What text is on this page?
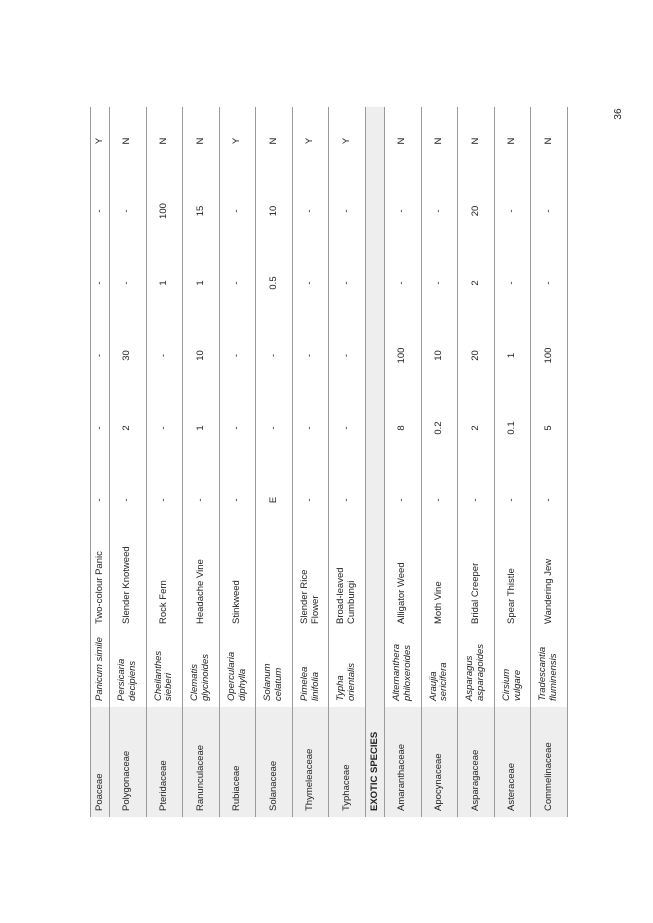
36
Poaceae	Panicum simile	Two-colour Panic	-	-	-	-	-	Y
Polygonaceae	Persicaria decipiens	Slender Knotweed	-	2	30	-	-	N
Pteridaceae	Cheilanthes sieberi	Rock Fern	-	-	-	1	100	N
Ranunculaceae	Clematis glycinoides	Headache Vine	-	1	10	1	15	N
Rubiaceae	Opercularia diphylla	Stinkweed	-	-	-	-	-	Y
Solanaceae	Solanum celatum		E	-	-	0.5	10	N
Thymeleaceae	Pimelea linifolia	Slender Rice Flower	-	-	-	-	-	Y
Typhaceae	Typha orientalis	Broad-leaved Cumbungi	-	-	-	-	-	Y
EXOTIC SPECIES								
Amaranthaceae	Alternanthera philoxeroides	Alligator Weed	-	8	100	-	-	N
Apocynaceae	Araujia sericifera	Moth Vine	-	0.2	10	-	-	N
Asparagaceae	Asparagus asparagoides	Bridal Creeper	-	2	20	2	20	N
Asteraceae	Cirsium vulgare	Spear Thistle	-	0.1	1	-	-	N
Commelinaceae	Tradescantia fluminensis	Wandering Jew	-	5	100	-	-	N
